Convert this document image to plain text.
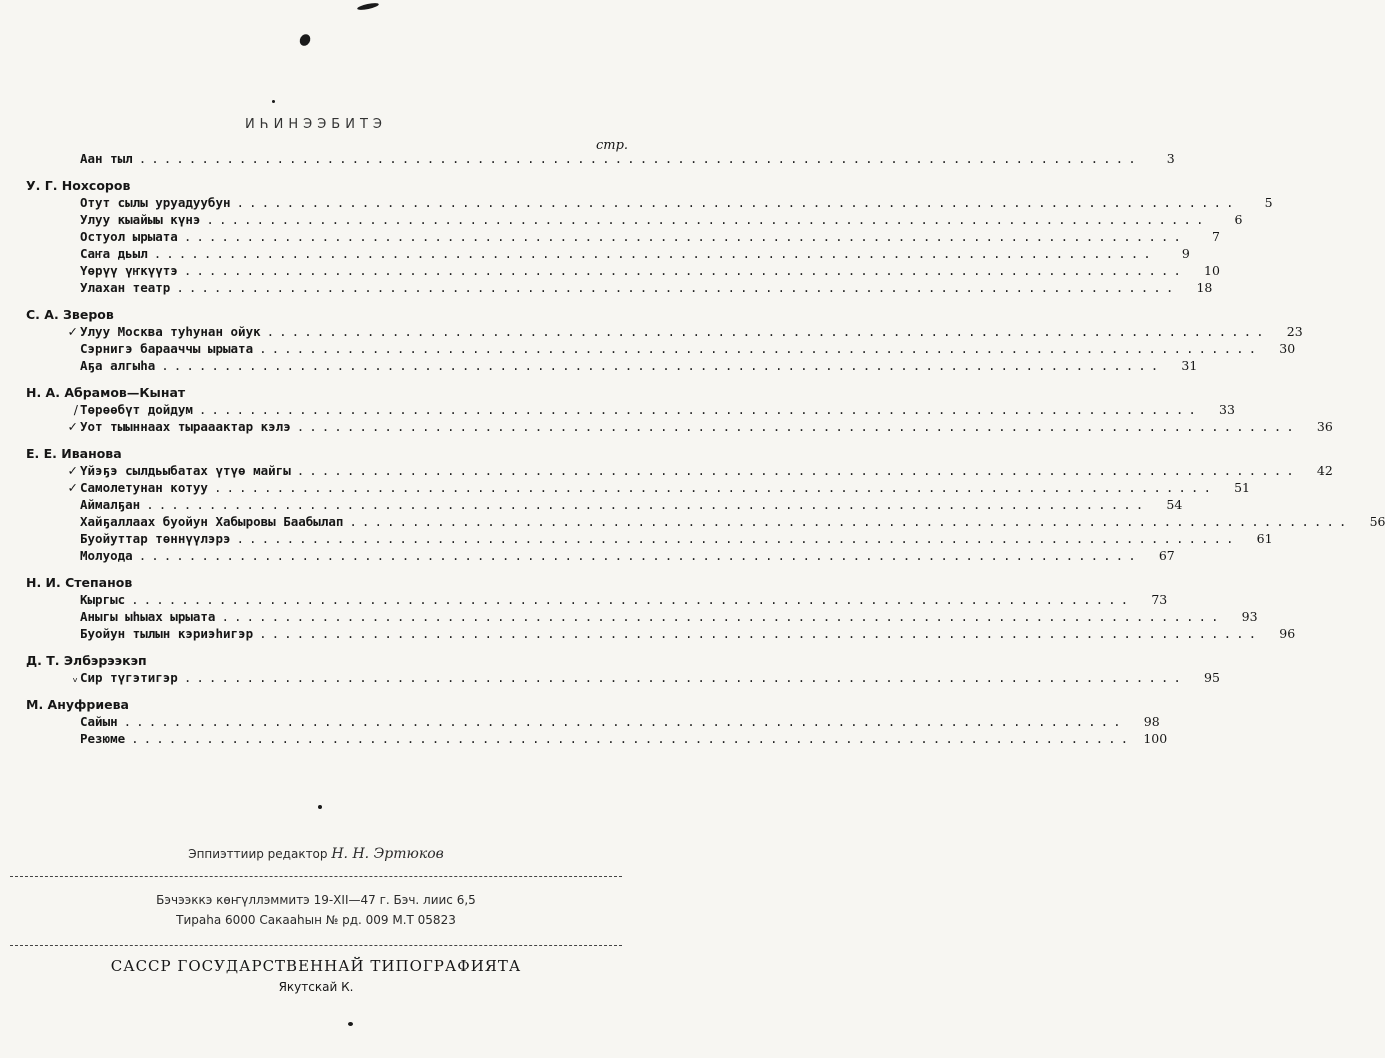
ИҺИНЭЭБИТЭ
стр.
Аан тыл ................................................................................	3
У. Г. Нохсоров
Отут сылы уруадуубун ................................................................................	5
Улуу кыайыы күнэ ................................................................................	6
Остуол ырыата ................................................................................	7
Саҥа дьыл ................................................................................	9
Үөрүү үҥкүүтэ ................................................................................	10
Улахан театр ................................................................................	18
С. А. Зверов
✓ Улуу Москва туһунан ойук ................................................................................	23
Сэрнигэ барааччы ырыата ................................................................................	30
Аҕа алгыһа ................................................................................	31
Н. А. Абрамов—Кынат
/ Төрөөбүт дойдум ................................................................................	33
✓ Уот тыыннаах тырааактар кэлэ ................................................................................	36
Е. Е. Иванова
✓ Үйэҕэ сылдьыбатах үтүө майгы ................................................................................	42
✓ Самолетунан котуу ................................................................................	51
Аймалҕан ................................................................................	54
Хайҕаллаах буойун Хабыровы Баабылап ................................................................................	56
Буойуттар төннүүлэрэ ................................................................................	61
Молуода ................................................................................	67
Н. И. Степанов
Кыргыс ................................................................................	73
Аныгы ыһыах ырыата ................................................................................	93
Буойун тылын кэриэһигэр ................................................................................	96
Д. Т. Элбэрээкэп
ᵥ Сир түгэтигэр ................................................................................	95
М. Ануфриева
Сайын ................................................................................	98
Резюме ................................................................................ 100
Эппиэттиир редактор Н. Н. Эртюков
Бэчээккэ көҥүллэммитэ 19-ХII—47 г. Бэч. лиис 6,5
Тираһа 6000 Сакааһын № рд. 009 М.Т 05823
САССР ГОСУДАРСТВЕННАЙ ТИПОГРАФИЯТА
Якутскай К.
